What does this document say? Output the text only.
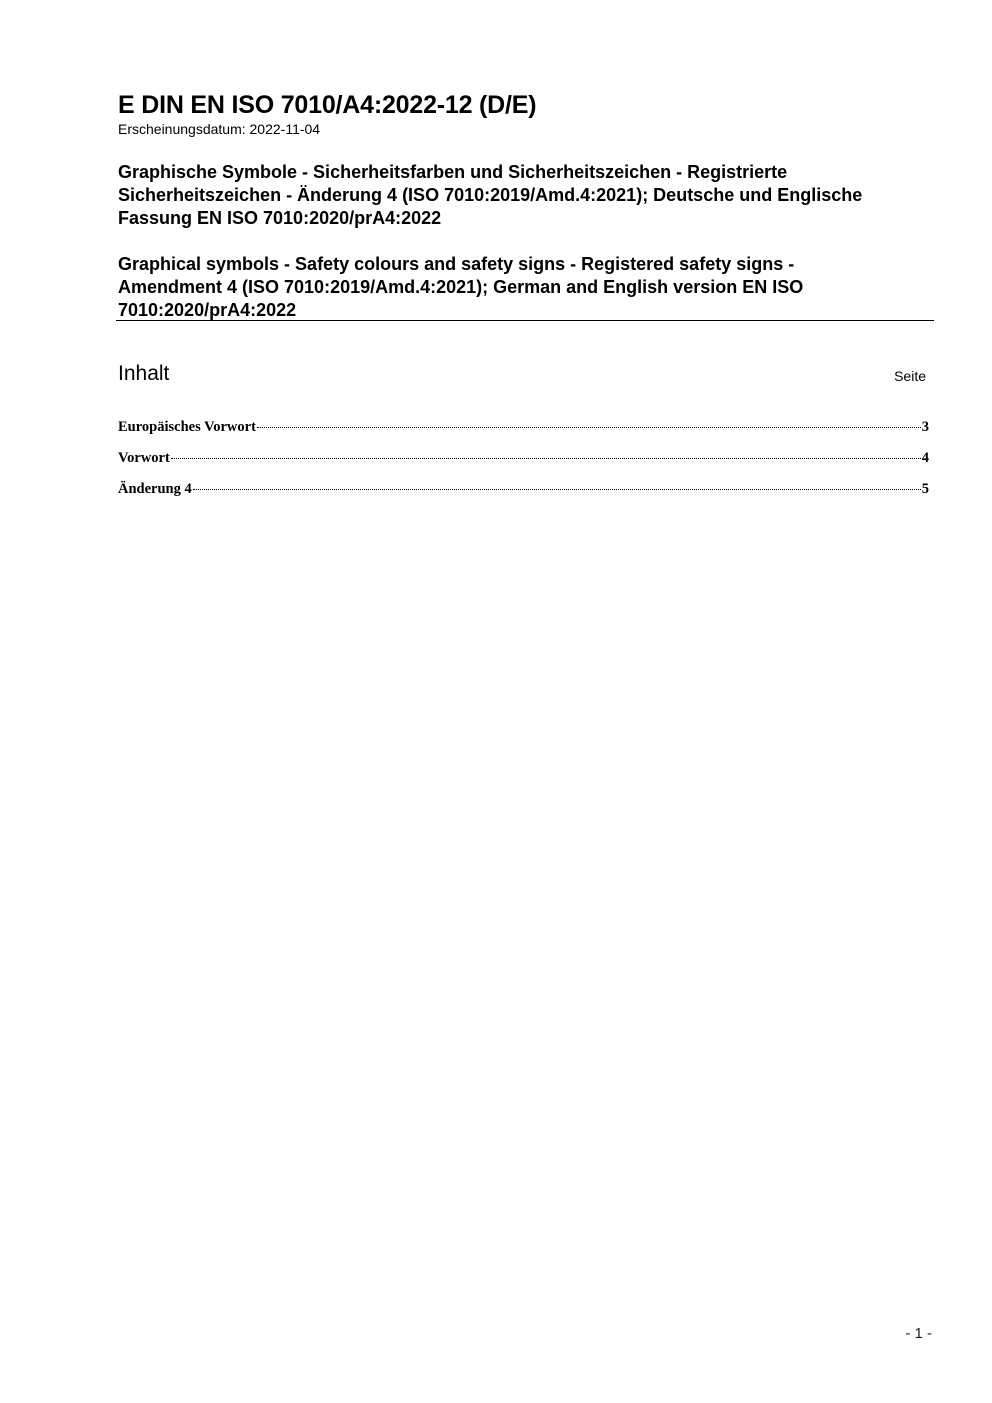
E DIN EN ISO 7010/A4:2022-12 (D/E)
Erscheinungsdatum: 2022-11-04
Graphische Symbole - Sicherheitsfarben und Sicherheitszeichen - Registrierte Sicherheitszeichen - Änderung 4 (ISO 7010:2019/Amd.4:2021); Deutsche und Englische Fassung EN ISO 7010:2020/prA4:2022
Graphical symbols - Safety colours and safety signs - Registered safety signs - Amendment 4 (ISO 7010:2019/Amd.4:2021); German and English version EN ISO 7010:2020/prA4:2022
Inhalt	Seite
Europäisches Vorwort	3
Vorwort	4
Änderung 4	5
- 1 -
